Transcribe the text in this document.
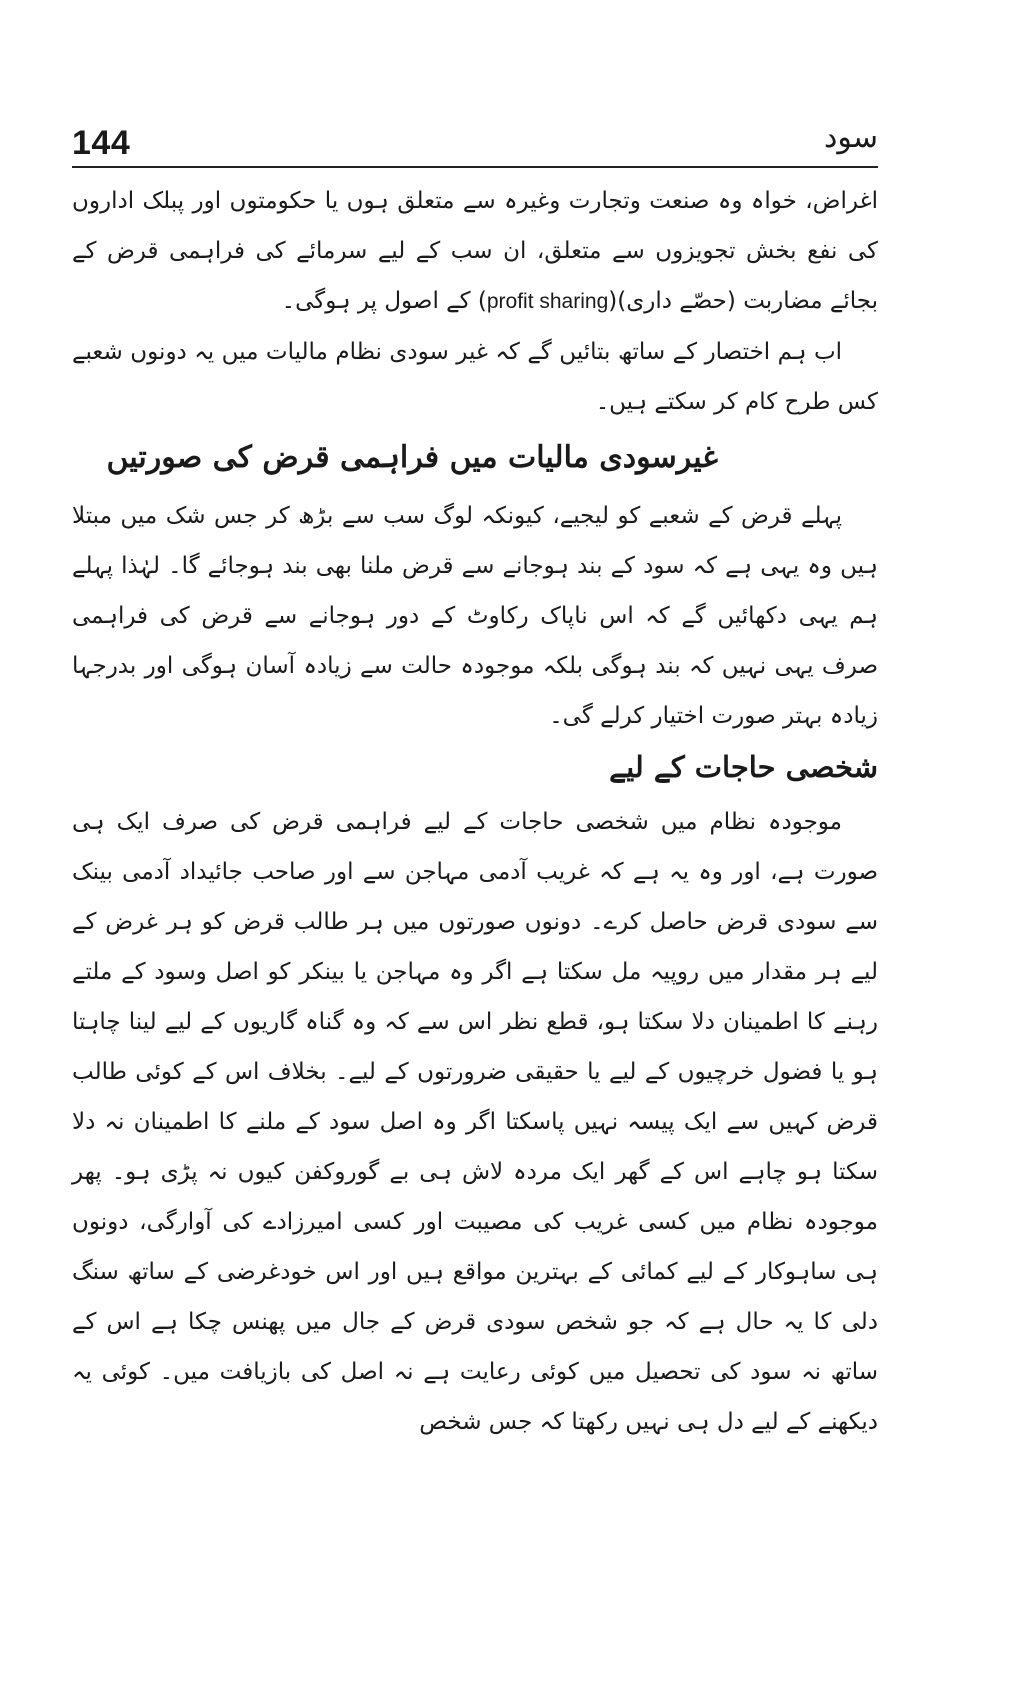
144	سود

اغراض، خواہ وہ صنعت وتجارت وغیرہ سے متعلق ہوں یا حکومتوں اور پبلک اداروں کی نفع بخش تجویزوں سے متعلق، ان سب کے لیے سرمائے کی فراہمی قرض کے بجائے مضاربت (حصّے داری)(profit sharing) کے اصول پر ہوگی۔

اب ہم اختصار کے ساتھ بتائیں گے کہ غیر سودی نظام مالیات میں یہ دونوں شعبے کس طرح کام کر سکتے ہیں۔

غیرسودی مالیات میں فراہمی قرض کی صورتیں

پہلے قرض کے شعبے کو لیجیے، کیونکہ لوگ سب سے بڑھ کر جس شک میں مبتلا ہیں وہ یہی ہے کہ سود کے بند ہوجانے سے قرض ملنا بھی بند ہوجائے گا۔ لہٰذا پہلے ہم یہی دکھائیں گے کہ اس ناپاک رکاوٹ کے دور ہوجانے سے قرض کی فراہمی صرف یہی نہیں کہ بند ہوگی بلکہ موجودہ حالت سے زیادہ آسان ہوگی اور بدرجہا زیادہ بہتر صورت اختیار کرلے گی۔

شخصی حاجات کے لیے

موجودہ نظام میں شخصی حاجات کے لیے فراہمی قرض کی صرف ایک ہی صورت ہے، اور وہ یہ ہے کہ غریب آدمی مہاجن سے اور صاحب جائیداد آدمی بینک سے سودی قرض حاصل کرے۔ دونوں صورتوں میں ہر طالب قرض کو ہر غرض کے لیے ہر مقدار میں روپیہ مل سکتا ہے اگر وہ مہاجن یا بینکر کو اصل وسود کے ملتے رہنے کا اطمینان دلا سکتا ہو، قطع نظر اس سے کہ وہ گناہ گاریوں کے لیے لینا چاہتا ہو یا فضول خرچیوں کے لیے یا حقیقی ضرورتوں کے لیے۔ بخلاف اس کے کوئی طالب قرض کہیں سے ایک پیسہ نہیں پاسکتا اگر وہ اصل سود کے ملنے کا اطمینان نہ دلا سکتا ہو چاہے اس کے گھر ایک مردہ لاش ہی بے گوروکفن کیوں نہ پڑی ہو۔ پھر موجودہ نظام میں کسی غریب کی مصیبت اور کسی امیرزادے کی آوارگی، دونوں ہی ساہوکار کے لیے کمائی کے بہترین مواقع ہیں اور اس خودغرضی کے ساتھ سنگ دلی کا یہ حال ہے کہ جو شخص سودی قرض کے جال میں پھنس چکا ہے اس کے ساتھ نہ سود کی تحصیل میں کوئی رعایت ہے نہ اصل کی بازیافت میں۔ کوئی یہ دیکھنے کے لیے دل ہی نہیں رکھتا کہ جس شخص
